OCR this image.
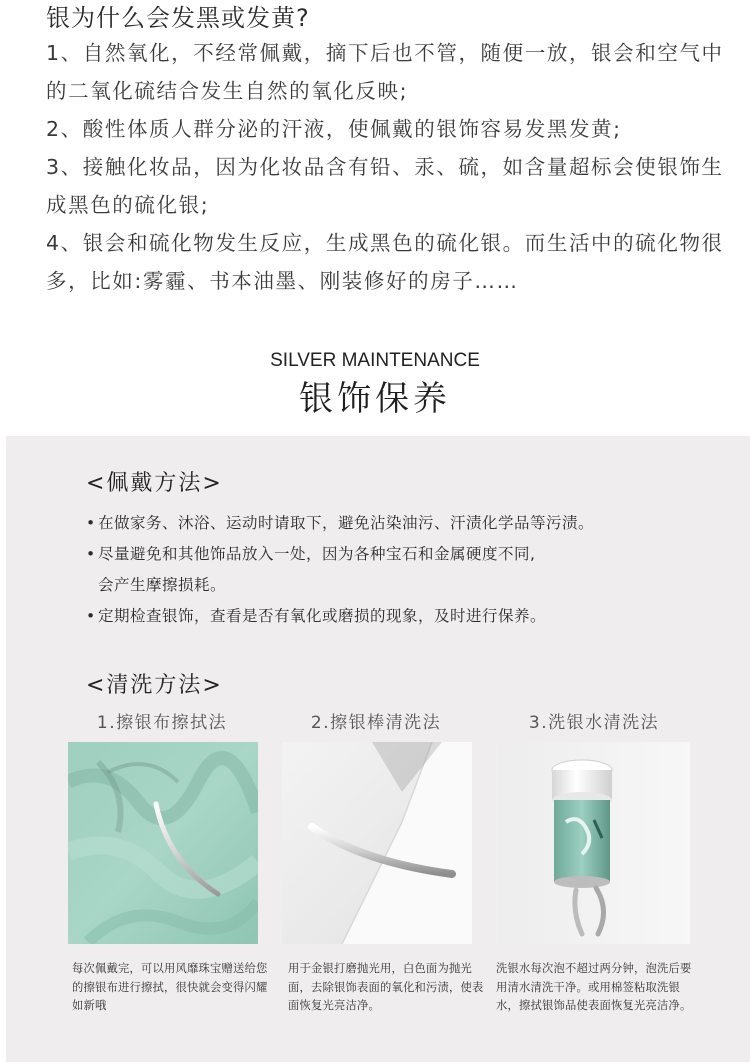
银为什么会发黑或发黄?

1、自然氧化，不经常佩戴，摘下后也不管，随便一放，银会和空气中的二氧化硫结合发生自然的氧化反映;

2、酸性体质人群分泌的汗液，使佩戴的银饰容易发黑发黄;

3、接触化妆品，因为化妆品含有铅、汞、硫，如含量超标会使银饰生成黑色的硫化银;

4、银会和硫化物发生反应，生成黑色的硫化银。而生活中的硫化物很多，比如:雾霾、书本油墨、刚装修好的房子……

SILVER MAINTENANCE
银饰保养
<佩戴方法>
• 在做家务、沐浴、运动时请取下，避免沾染油污、汗渍化学品等污渍。
• 尽量避免和其他饰品放入一处，因为各种宝石和金属硬度不同,
会产生摩擦损耗。
• 定期检查银饰，查看是否有氧化或磨损的现象，及时进行保养。
<清洗方法>
1.擦银布擦拭法	2.擦银棒清洗法	3.洗银水清洗法
每次佩戴完，可以用风靡珠宝赠送给您的擦银布进行擦拭，很快就会变得闪耀如新哦
用于金银打磨抛光用，白色面为抛光面，去除银饰表面的氧化和污渍，使表面恢复光亮洁净。
洗银水每次泡不超过两分钟，泡洗后要用清水清洗干净。或用棉签粘取洗银水，擦拭银饰品使表面恢复光亮洁净。
